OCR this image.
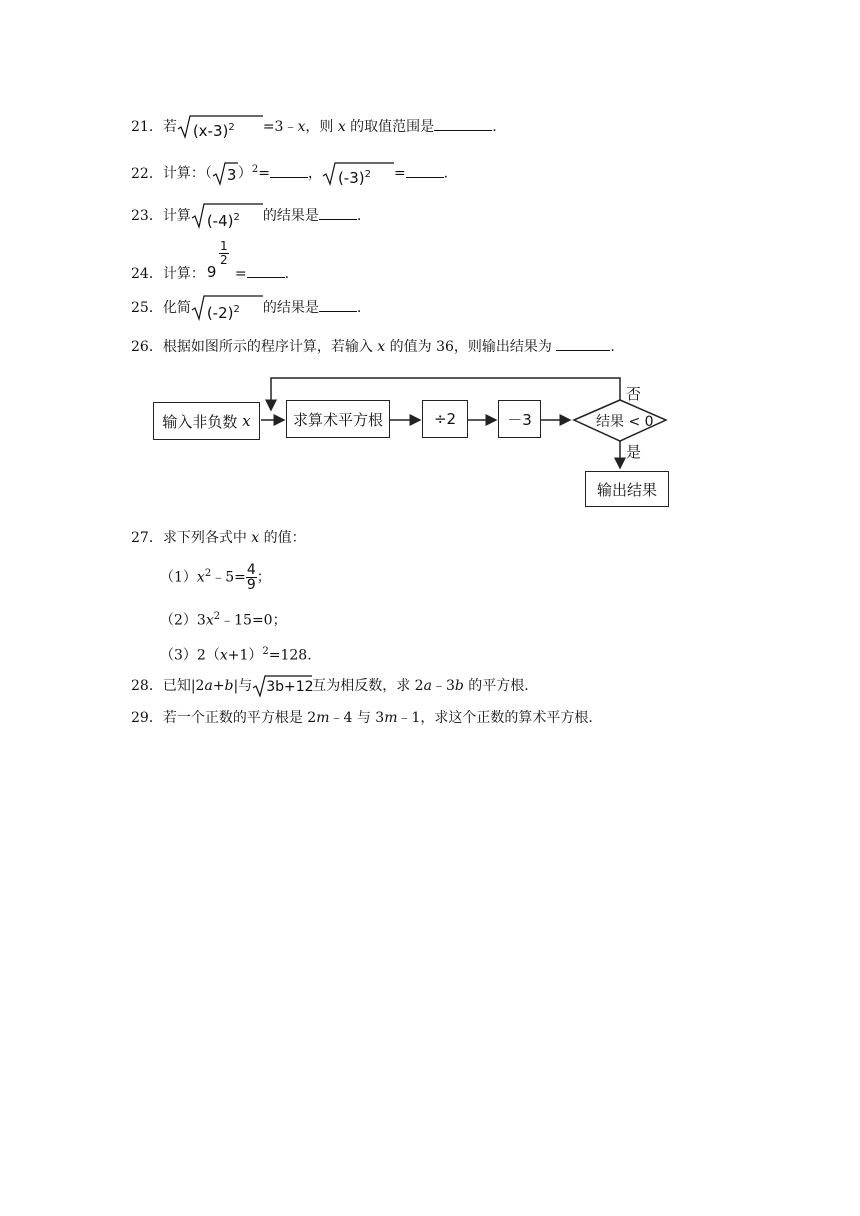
21．若 $(x-3)^2$ =3﹣x，则 x 的取值范围是	.
22．计算：（ 3 ）$^2$=	， $(-3)^2$ =	.
23．计算 $(-4)^2$ 的结果是	.
24．计算： 9
$\frac{1}{2}$
=	.
25．化简 $(-2)^2$ 的结果是	.
26．根据如图所示的程序计算，若输入 x 的值为 36，则输出结果为	.
输入非负数
x	求算术平方根	÷2	－3	结果 < 0
否
是
输出结果
27．求下列各式中 x 的值：
$(1)x^2﹣5= \frac{4}{9}$ ；
$(2)3x^2﹣15=0$；
$(3)2(x+1)^2=128$.
28．已知|2a+b|与 3b+12
互为相反数，求 2a﹣3b 的平方根.
29．若一个正数的平方根是 2m﹣4 与 3m﹣1，求这个正数的算术平方根.
